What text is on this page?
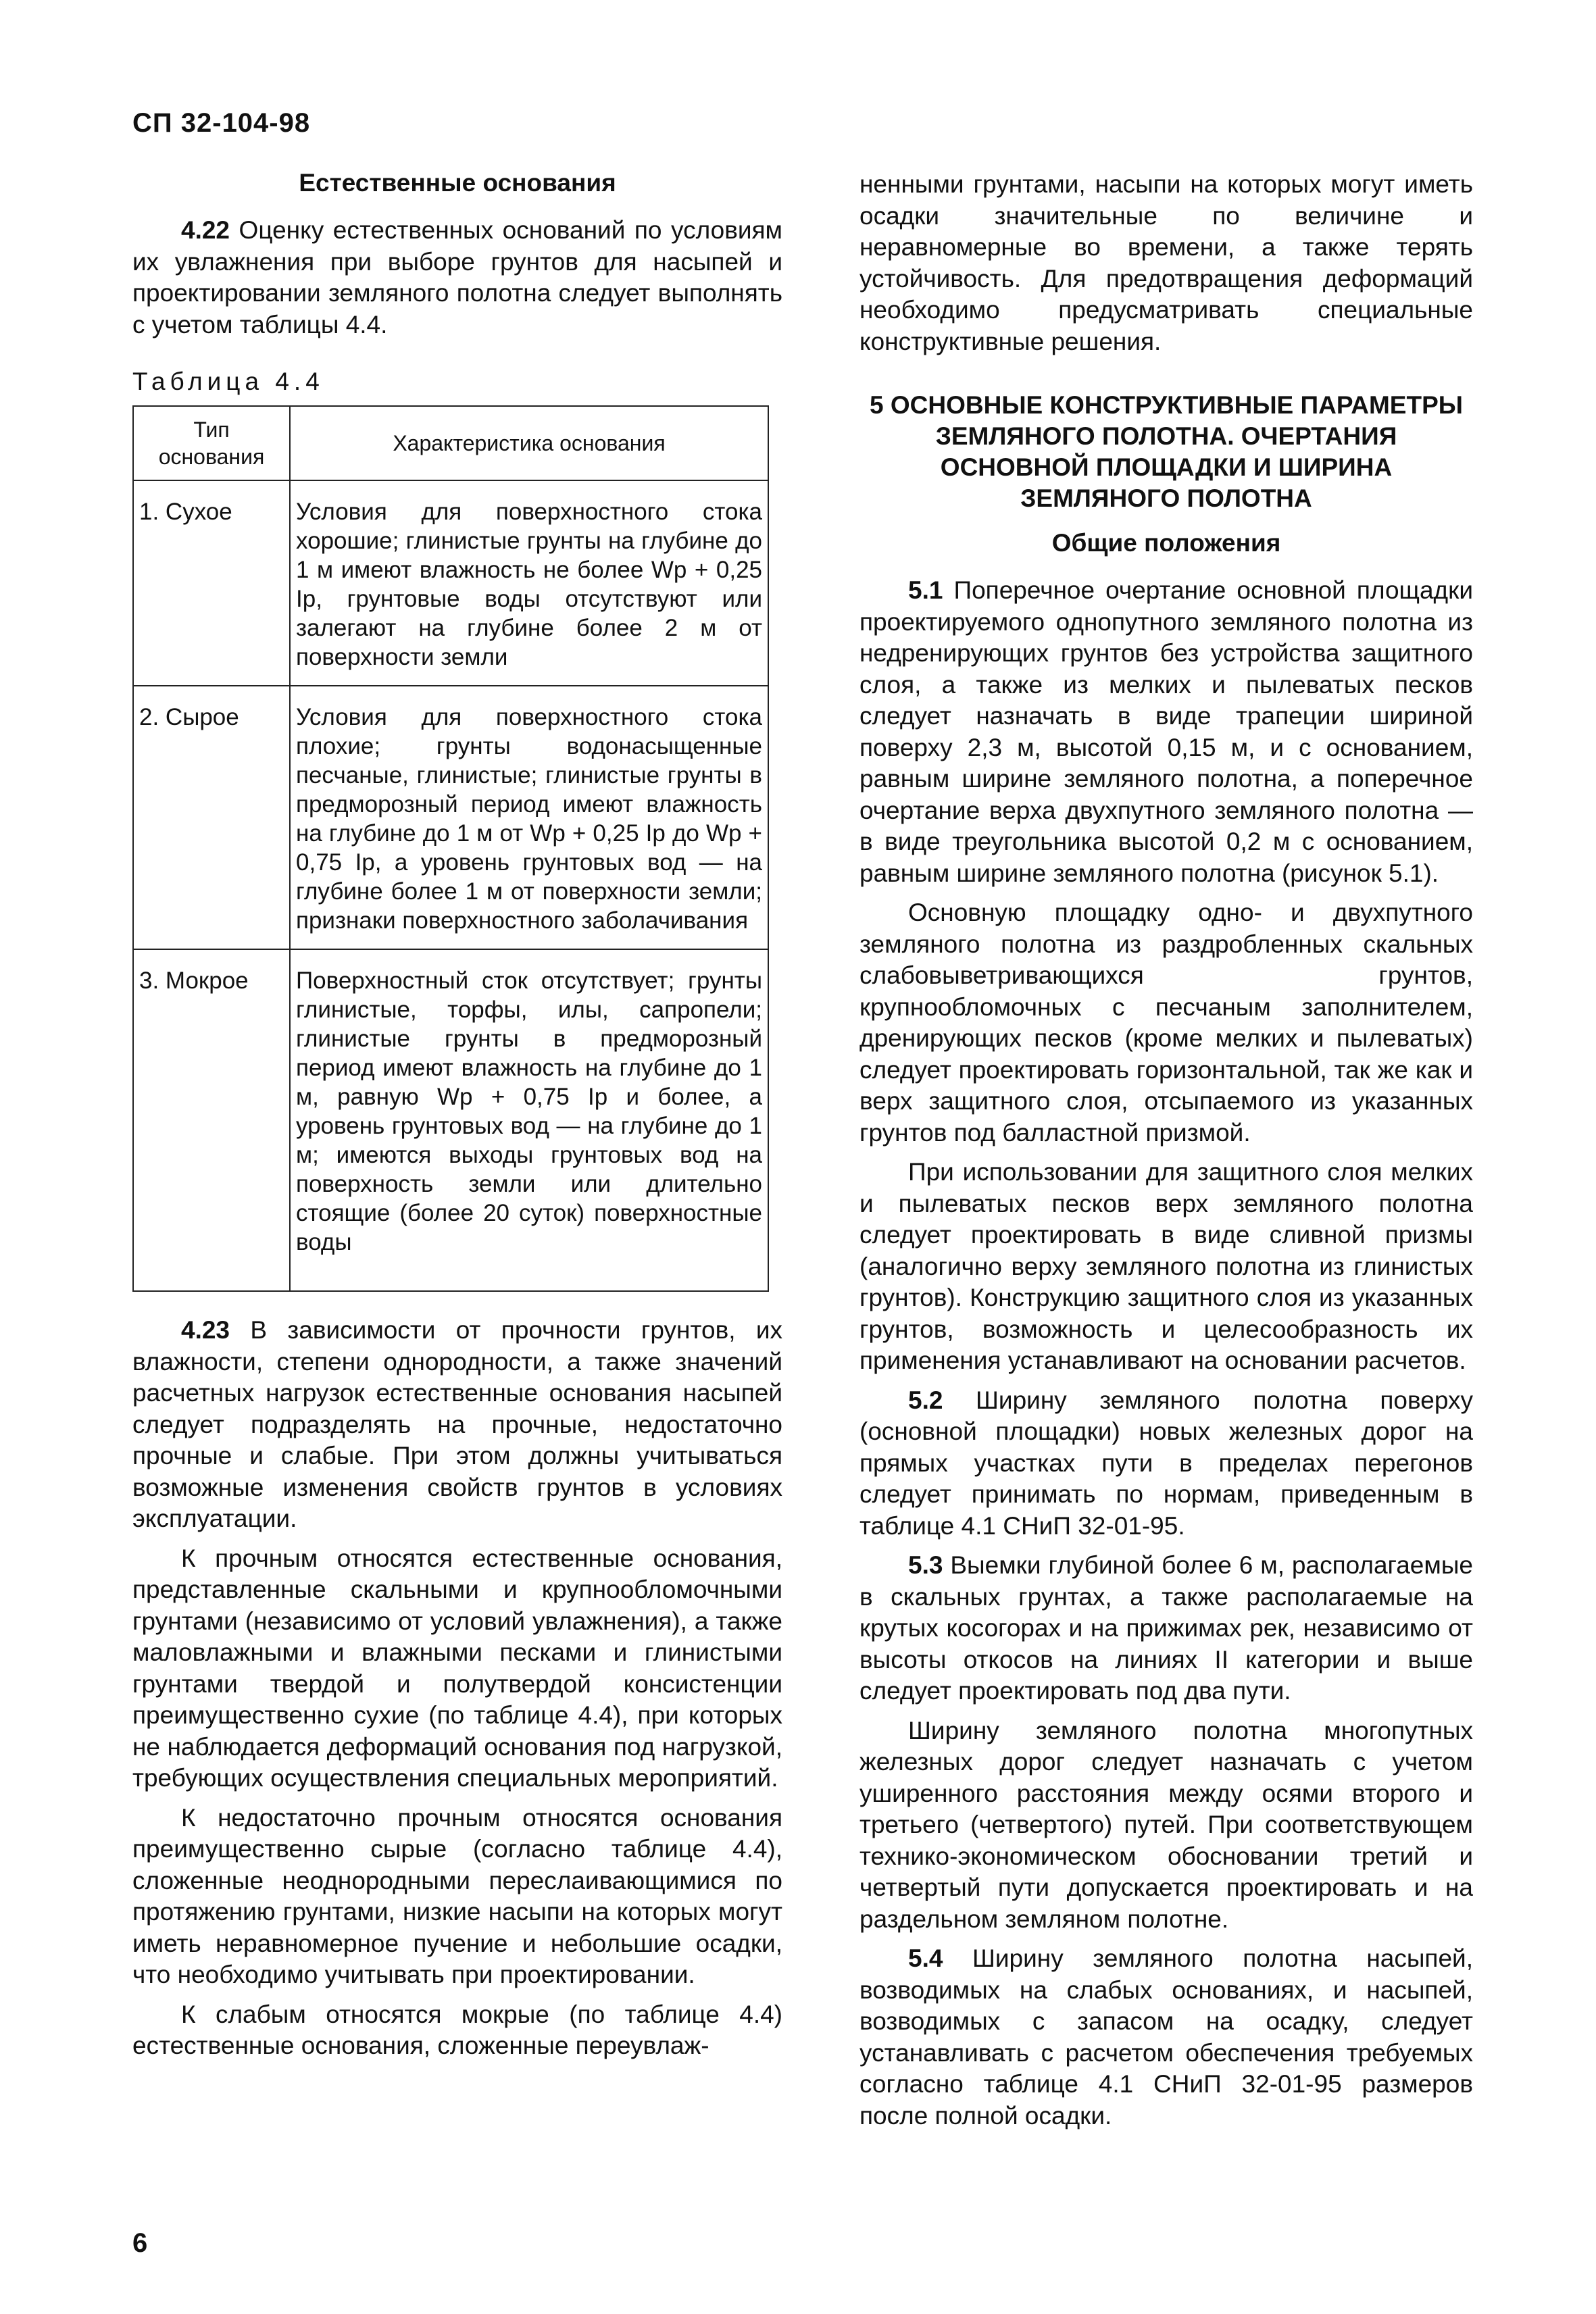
СП 32-104-98
Естественные основания

4.22 Оценку естественных оснований по условиям их увлажнения при выборе грунтов для насыпей и проектировании земляного полотна следует выполнять с учетом таблицы 4.4.

Таблица 4.4
Тип основания	Характеристика основания
1. Сухое	Условия для поверхностного стока хорошие; глинистые грунты на глубине до 1 м имеют влажность не более Wp + 0,25 Ip, грунтовые воды отсутствуют или залегают на глубине более 2 м от поверхности земли
2. Сырое	Условия для поверхностного стока плохие; грунты водонасыщенные песчаные, глинистые; глинистые грунты в предморозный период имеют влажность на глубине до 1 м от Wp + 0,25 Ip до Wp + 0,75 Ip, а уровень грунтовых вод — на глубине более 1 м от поверхности земли; признаки поверхностного заболачивания
3. Мокрое	Поверхностный сток отсутствует; грунты глинистые, торфы, илы, сапропели; глинистые грунты в предморозный период имеют влажность на глубине до 1 м, равную Wp + 0,75 Ip и более, а уровень грунтовых вод — на глубине до 1 м; имеются выходы грунтовых вод на поверхность земли или длительно стоящие (более 20 суток) поверхностные воды

4.23 В зависимости от прочности грунтов, их влажности, степени однородности, а также значений расчетных нагрузок естественные основания насыпей следует подразделять на прочные, недостаточно прочные и слабые. При этом должны учитываться возможные изменения свойств грунтов в условиях эксплуатации.

К прочным относятся естественные основания, представленные скальными и крупнообломочными грунтами (независимо от условий увлажнения), а также маловлажными и влажными песками и глинистыми грунтами твердой и полутвердой консистенции преимущественно сухие (по таблице 4.4), при которых не наблюдается деформаций основания под нагрузкой, требующих осуществления специальных мероприятий.

К недостаточно прочным относятся основания преимущественно сырые (согласно таблице 4.4), сложенные неоднородными переслаивающимися по протяжению грунтами, низкие насыпи на которых могут иметь неравномерное пучение и небольшие осадки, что необходимо учитывать при проектировании.

К слабым относятся мокрые (по таблице 4.4) естественные основания, сложенные переувлаж-

ненными грунтами, насыпи на которых могут иметь осадки значительные по величине и неравномерные во времени, а также терять устойчивость. Для предотвращения деформаций необходимо предусматривать специальные конструктивные решения.

5 ОСНОВНЫЕ КОНСТРУКТИВНЫЕ ПАРАМЕТРЫ ЗЕМЛЯНОГО ПОЛОТНА. ОЧЕРТАНИЯ ОСНОВНОЙ ПЛОЩАДКИ И ШИРИНА ЗЕМЛЯНОГО ПОЛОТНА
Общие положения

5.1 Поперечное очертание основной площадки проектируемого однопутного земляного полотна из недренирующих грунтов без устройства защитного слоя, а также из мелких и пылеватых песков следует назначать в виде трапеции шириной поверху 2,3 м, высотой 0,15 м, и с основанием, равным ширине земляного полотна, а поперечное очертание верха двухпутного земляного полотна — в виде треугольника высотой 0,2 м с основанием, равным ширине земляного полотна (рисунок 5.1).

Основную площадку одно- и двухпутного земляного полотна из раздробленных скальных слабовыветривающихся грунтов, крупнообломочных с песчаным заполнителем, дренирующих песков (кроме мелких и пылеватых) следует проектировать горизонтальной, так же как и верх защитного слоя, отсыпаемого из указанных грунтов под балластной призмой.

При использовании для защитного слоя мелких и пылеватых песков верх земляного полотна следует проектировать в виде сливной призмы (аналогично верху земляного полотна из глинистых грунтов). Конструкцию защитного слоя из указанных грунтов, возможность и целесообразность их применения устанавливают на основании расчетов.

5.2 Ширину земляного полотна поверху (основной площадки) новых железных дорог на прямых участках пути в пределах перегонов следует принимать по нормам, приведенным в таблице 4.1 СНиП 32-01-95.

5.3 Выемки глубиной более 6 м, располагаемые в скальных грунтах, а также располагаемые на крутых косогорах и на прижимах рек, независимо от высоты откосов на линиях II категории и выше следует проектировать под два пути.

Ширину земляного полотна многопутных железных дорог следует назначать с учетом уширенного расстояния между осями второго и третьего (четвертого) путей. При соответствующем технико-экономическом обосновании третий и четвертый пути допускается проектировать и на раздельном земляном полотне.

5.4 Ширину земляного полотна насыпей, возводимых на слабых основаниях, и насыпей, возводимых с запасом на осадку, следует устанавливать с расчетом обеспечения требуемых согласно таблице 4.1 СНиП 32-01-95 размеров после полной осадки.

6
